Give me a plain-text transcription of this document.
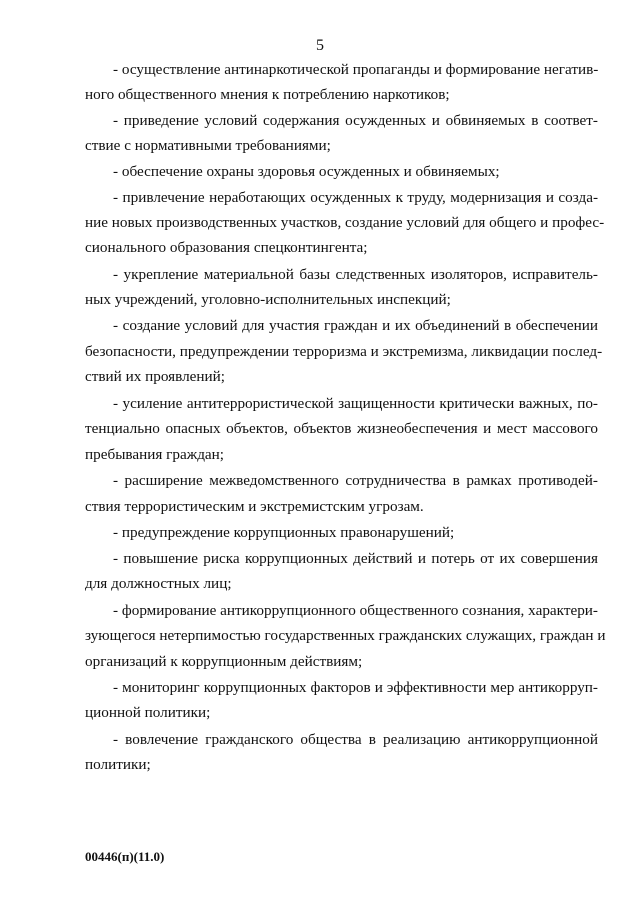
5
- осуществление антинаркотической пропаганды и формирование негатив-
ного общественного мнения к потреблению наркотиков;
- приведение условий содержания осужденных и обвиняемых в соответ-
ствие с нормативными требованиями;
- обеспечение охраны здоровья осужденных и обвиняемых;
- привлечение неработающих осужденных к труду, модернизация и созда-
ние новых производственных участков, создание условий для общего и профес-
сионального образования спецконтингента;
- укрепление материальной базы следственных изоляторов, исправитель-
ных учреждений, уголовно-исполнительных инспекций;
- создание условий для участия граждан и их объединений в обеспечении
безопасности, предупреждении терроризма и экстремизма, ликвидации послед-
ствий их проявлений;
- усиление антитеррористической защищенности критически важных, по-
тенциально опасных объектов, объектов жизнеобеспечения и мест массового
пребывания граждан;
- расширение межведомственного сотрудничества в рамках противодей-
ствия террористическим и экстремистским угрозам.
- предупреждение коррупционных правонарушений;
- повышение риска коррупционных действий и потерь от их совершения
для должностных лиц;
- формирование антикоррупционного общественного сознания, характери-
зующегося нетерпимостью государственных гражданских служащих, граждан и
организаций к коррупционным действиям;
- мониторинг коррупционных факторов и эффективности мер антикорруп-
ционной политики;
- вовлечение гражданского общества в реализацию антикоррупционной
политики;
00446(п)(11.0)
